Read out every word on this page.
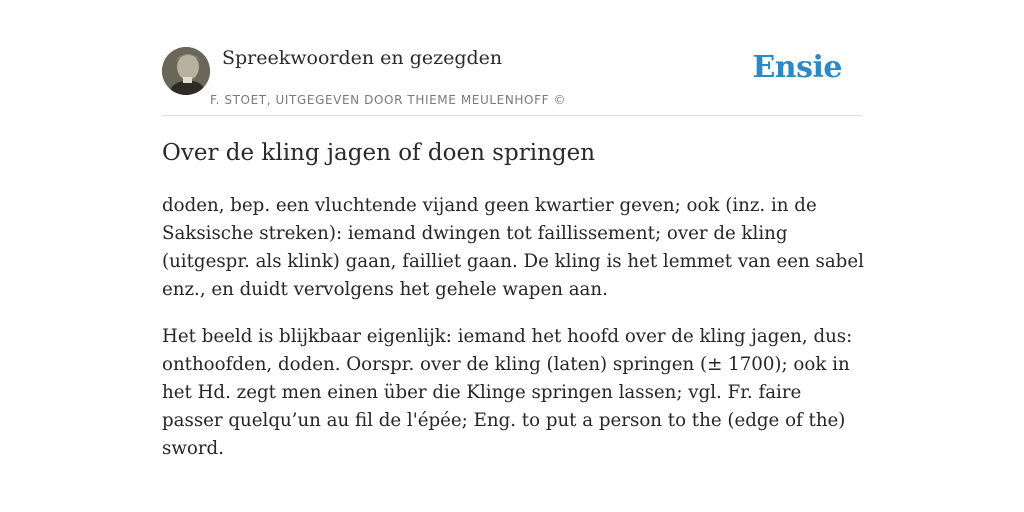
Spreekwoorden en gezegden
F. STOET, UITGEGEVEN DOOR THIEME MEULENHOFF ©
Ensie
Over de kling jagen of doen springen

doden, bep. een vluchtende vijand geen kwartier geven; ook (inz. in de Saksische streken): iemand dwingen tot faillissement; over de kling (uitgespr. als klink) gaan, failliet gaan. De kling is het lemmet van een sabel enz., en duidt vervolgens het gehele wapen aan.

Het beeld is blijkbaar eigenlijk: iemand het hoofd over de kling jagen, dus: onthoofden, doden. Oorspr. over de kling (laten) springen (± 1700); ook in het Hd. zegt men einen über die Klinge springen lassen; vgl. Fr. faire passer quelqu’un au fil de l'épée; Eng. to put a person to the (edge of the) sword.
